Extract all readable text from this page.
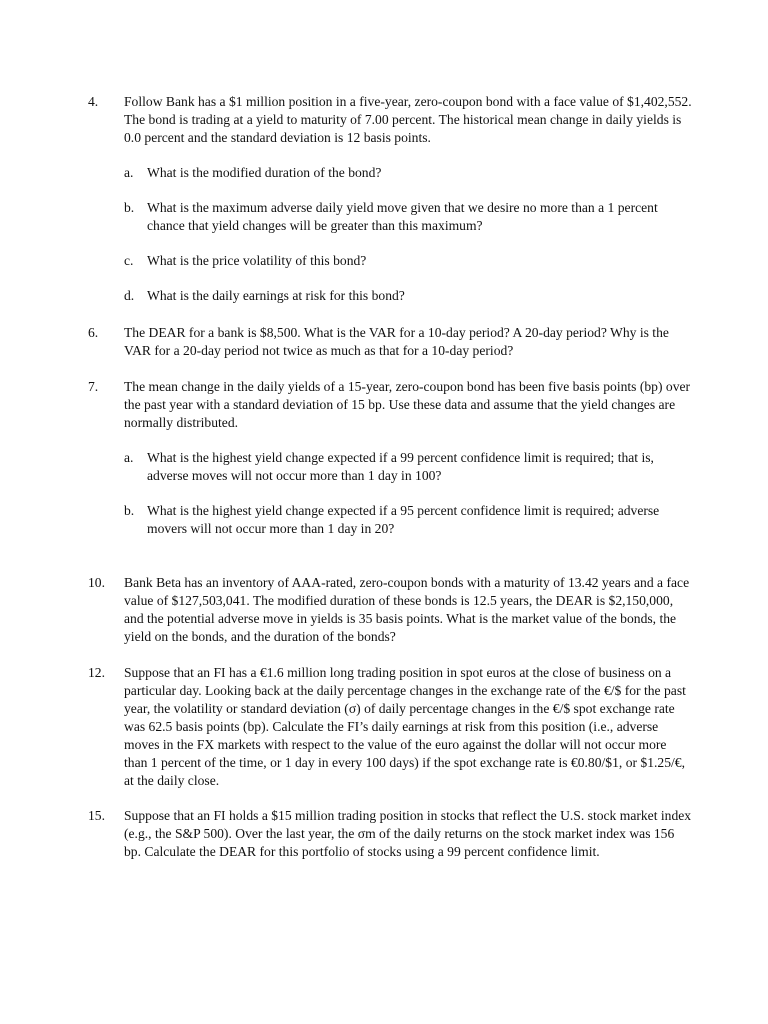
4.	Follow Bank has a $1 million position in a five-year, zero-coupon bond with a face value of $1,402,552. The bond is trading at a yield to maturity of 7.00 percent. The historical mean change in daily yields is 0.0 percent and the standard deviation is 12 basis points.
a. What is the modified duration of the bond?
b. What is the maximum adverse daily yield move given that we desire no more than a 1 percent chance that yield changes will be greater than this maximum?
c. What is the price volatility of this bond?
d. What is the daily earnings at risk for this bond?
6.	The DEAR for a bank is $8,500. What is the VAR for a 10-day period? A 20-day period? Why is the VAR for a 20-day period not twice as much as that for a 10-day period?
7.	The mean change in the daily yields of a 15-year, zero-coupon bond has been five basis points (bp) over the past year with a standard deviation of 15 bp. Use these data and assume that the yield changes are normally distributed.
a. What is the highest yield change expected if a 99 percent confidence limit is required; that is, adverse moves will not occur more than 1 day in 100?
b. What is the highest yield change expected if a 95 percent confidence limit is required; adverse movers will not occur more than 1 day in 20?
10.	Bank Beta has an inventory of AAA-rated, zero-coupon bonds with a maturity of 13.42 years and a face value of $127,503,041. The modified duration of these bonds is 12.5 years, the DEAR is $2,150,000, and the potential adverse move in yields is 35 basis points. What is the market value of the bonds, the yield on the bonds, and the duration of the bonds?
12.	Suppose that an FI has a €1.6 million long trading position in spot euros at the close of business on a particular day. Looking back at the daily percentage changes in the exchange rate of the €/$ for the past year, the volatility or standard deviation (σ) of daily percentage changes in the €/$ spot exchange rate was 62.5 basis points (bp). Calculate the FI’s daily earnings at risk from this position (i.e., adverse moves in the FX markets with respect to the value of the euro against the dollar will not occur more than 1 percent of the time, or 1 day in every 100 days) if the spot exchange rate is €0.80/$1, or $1.25/€, at the daily close.
15.	Suppose that an FI holds a $15 million trading position in stocks that reflect the U.S. stock market index (e.g., the S&P 500). Over the last year, the σm of the daily returns on the stock market index was 156 bp. Calculate the DEAR for this portfolio of stocks using a 99 percent confidence limit.
